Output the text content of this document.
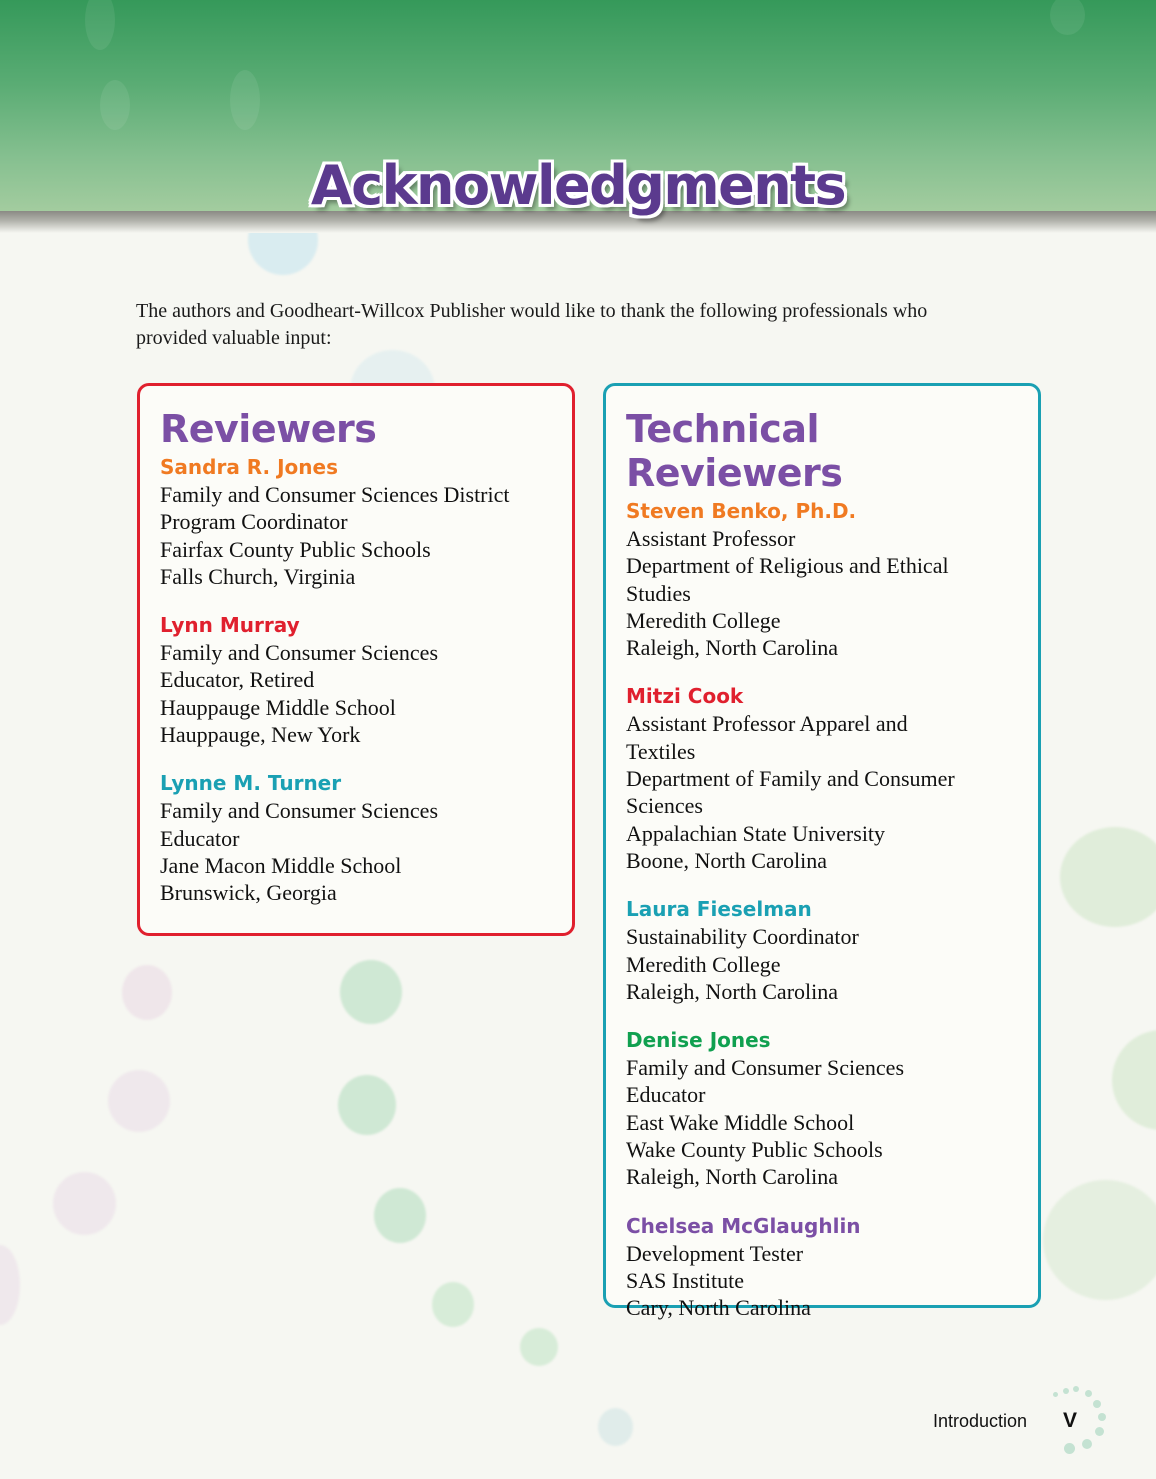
Acknowledgments

The authors and Goodheart-Willcox Publisher would like to thank the following professionals who provided valuable input:

Reviewers
Sandra R. Jones
Family and Consumer Sciences District
Program Coordinator
Fairfax County Public Schools
Falls Church, Virginia
Lynn Murray
Family and Consumer Sciences
Educator, Retired
Hauppauge Middle School
Hauppauge, New York
Lynne M. Turner
Family and Consumer Sciences
Educator
Jane Macon Middle School
Brunswick, Georgia
Technical Reviewers
Steven Benko, Ph.D.
Assistant Professor
Department of Religious and Ethical
Studies
Meredith College
Raleigh, North Carolina
Mitzi Cook
Assistant Professor Apparel and
Textiles
Department of Family and Consumer
Sciences
Appalachian State University
Boone, North Carolina
Laura Fieselman
Sustainability Coordinator
Meredith College
Raleigh, North Carolina
Denise Jones
Family and Consumer Sciences
Educator
East Wake Middle School
Wake County Public Schools
Raleigh, North Carolina
Chelsea McGlaughlin
Development Tester
SAS Institute
Cary, North Carolina
Introduction V
